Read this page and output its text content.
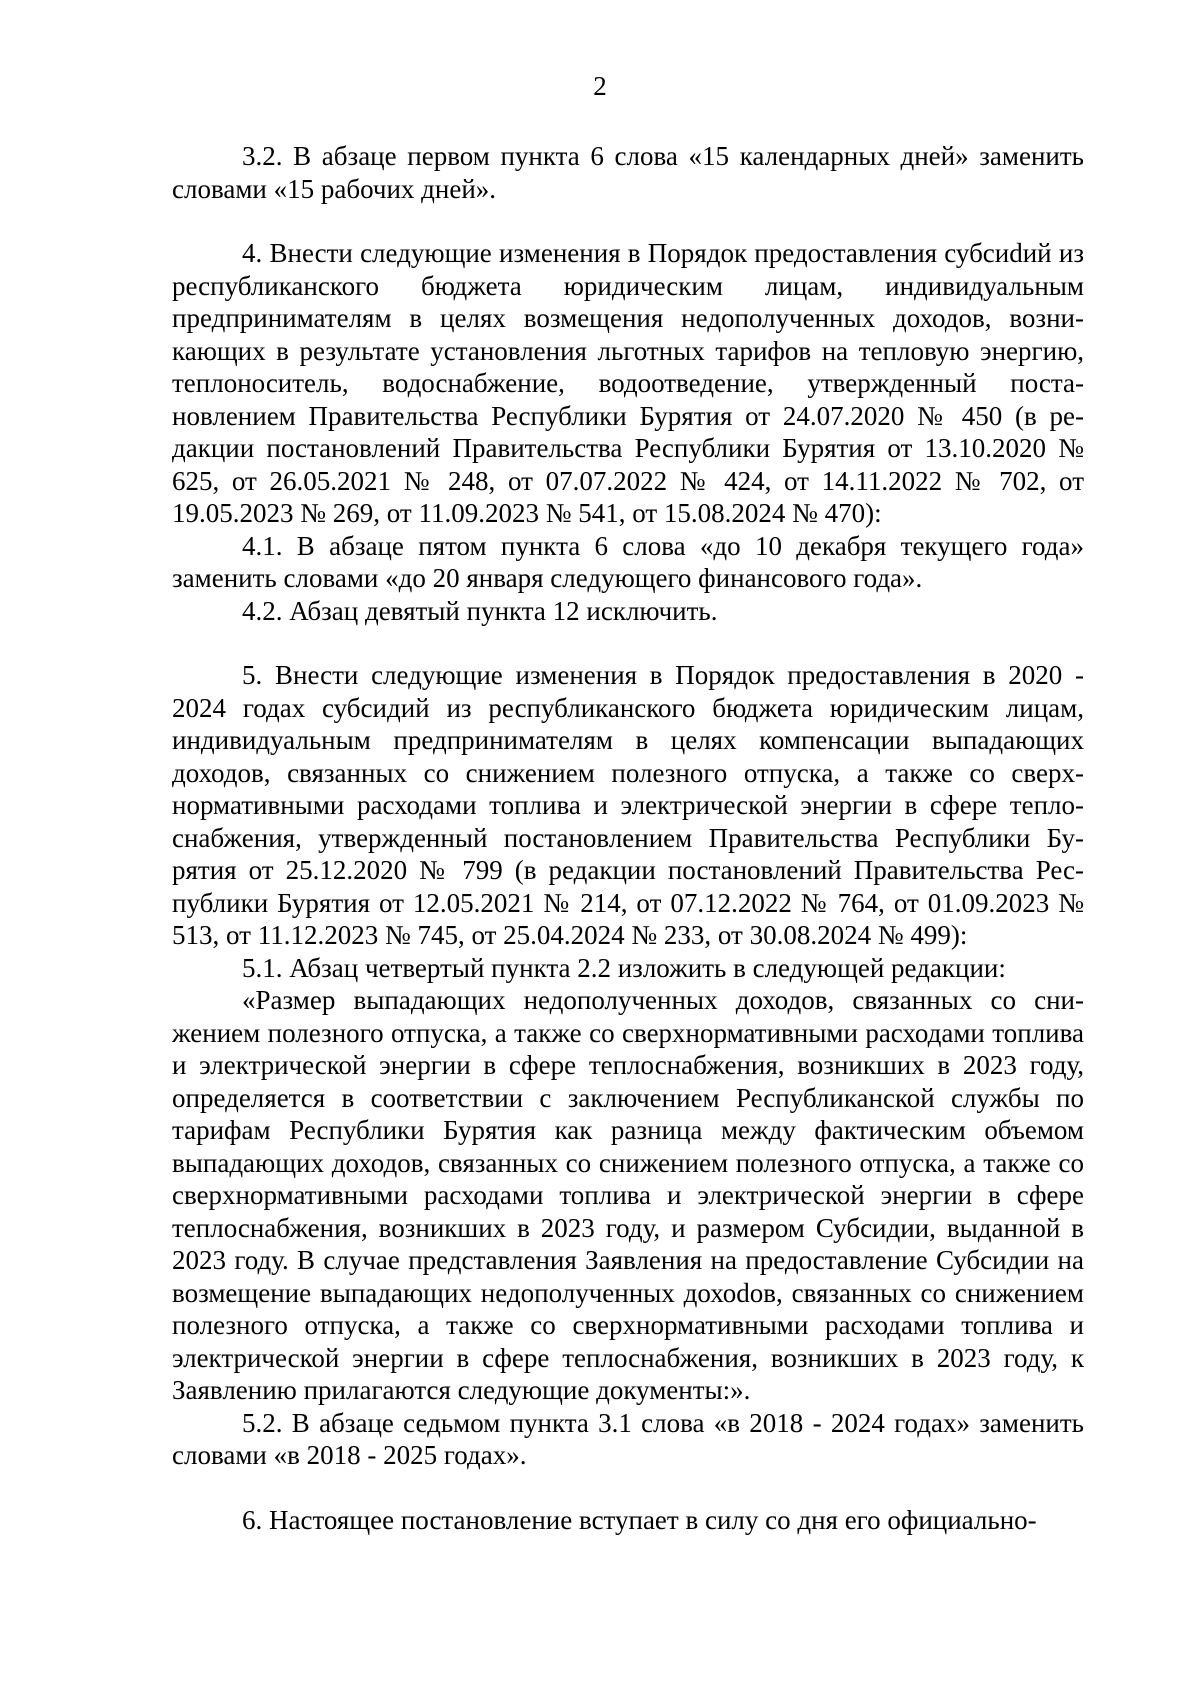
2

3.2. В абзаце первом пункта 6 слова «15 календарных дней» заменить словами «15 рабочих дней».

4. Внести следующие изменения в Порядок предоставления субсиdий из республиканского бюджета юридическим лицам, индивидуальным предпринимателям в целях возмещения недополученных доходов, возникающих в результате установления льготных тарифов на тепловую энергию, теплоноситель, водоснабжение, водоотведение, утвержденный постановлением Правительства Республики Бурятия от 24.07.2020 № 450 (в редакции постановлений Правительства Республики Бурятия от 13.10.2020 № 625, от 26.05.2021 № 248, от 07.07.2022 № 424, от 14.11.2022 № 702, от 19.05.2023 № 269, от 11.09.2023 № 541, от 15.08.2024 № 470):

4.1. В абзаце пятом пункта 6 слова «до 10 декабря текущего года» заменить словами «до 20 января следующего финансового года».

4.2. Абзац девятый пункта 12 исключить.

5. Внести следующие изменения в Порядок предоставления в 2020 - 2024 годах субсидий из республиканского бюджета юридическим лицам, индивидуальным предпринимателям в целях компенсации выпадающих доходов, связанных со снижением полезного отпуска, а также со сверхнормативными расходами топлива и электрической энергии в сфере теплоснабжения, утвержденный постановлением Правительства Республики Бурятия от 25.12.2020 № 799 (в редакции постановлений Правительства Республики Бурятия от 12.05.2021 № 214, от 07.12.2022 № 764, от 01.09.2023 № 513, от 11.12.2023 № 745, от 25.04.2024 № 233, от 30.08.2024 № 499):

5.1. Абзац четвертый пункта 2.2 изложить в следующей редакции:

«Размер выпадающих недополученных доходов, связанных со снижением полезного отпуска, а также со сверхнормативными расходами топлива и электрической энергии в сфере теплоснабжения, возникших в 2023 году, определяется в соответствии с заключением Республиканской службы по тарифам Республики Бурятия как разница между фактическим объемом выпадающих доходов, связанных со снижением полезного отпуска, а также со сверхнормативными расходами топлива и электрической энергии в сфере теплоснабжения, возникших в 2023 году, и размером Субсидии, выданной в 2023 году. В случае представления Заявления на предоставление Субсидии на возмещение выпадающих недополученных дохоdов, связанных со снижением полезного отпуска, а также со сверхнормативными расходами топлива и электрической энергии в сфере теплоснабжения, возникших в 2023 году, к Заявлению прилагаются следующие документы:».

5.2. В абзаце седьмом пункта 3.1 слова «в 2018 - 2024 годах» заменить словами «в 2018 - 2025 годах».

6. Настоящее постановление вступает в силу со дня его официально-
